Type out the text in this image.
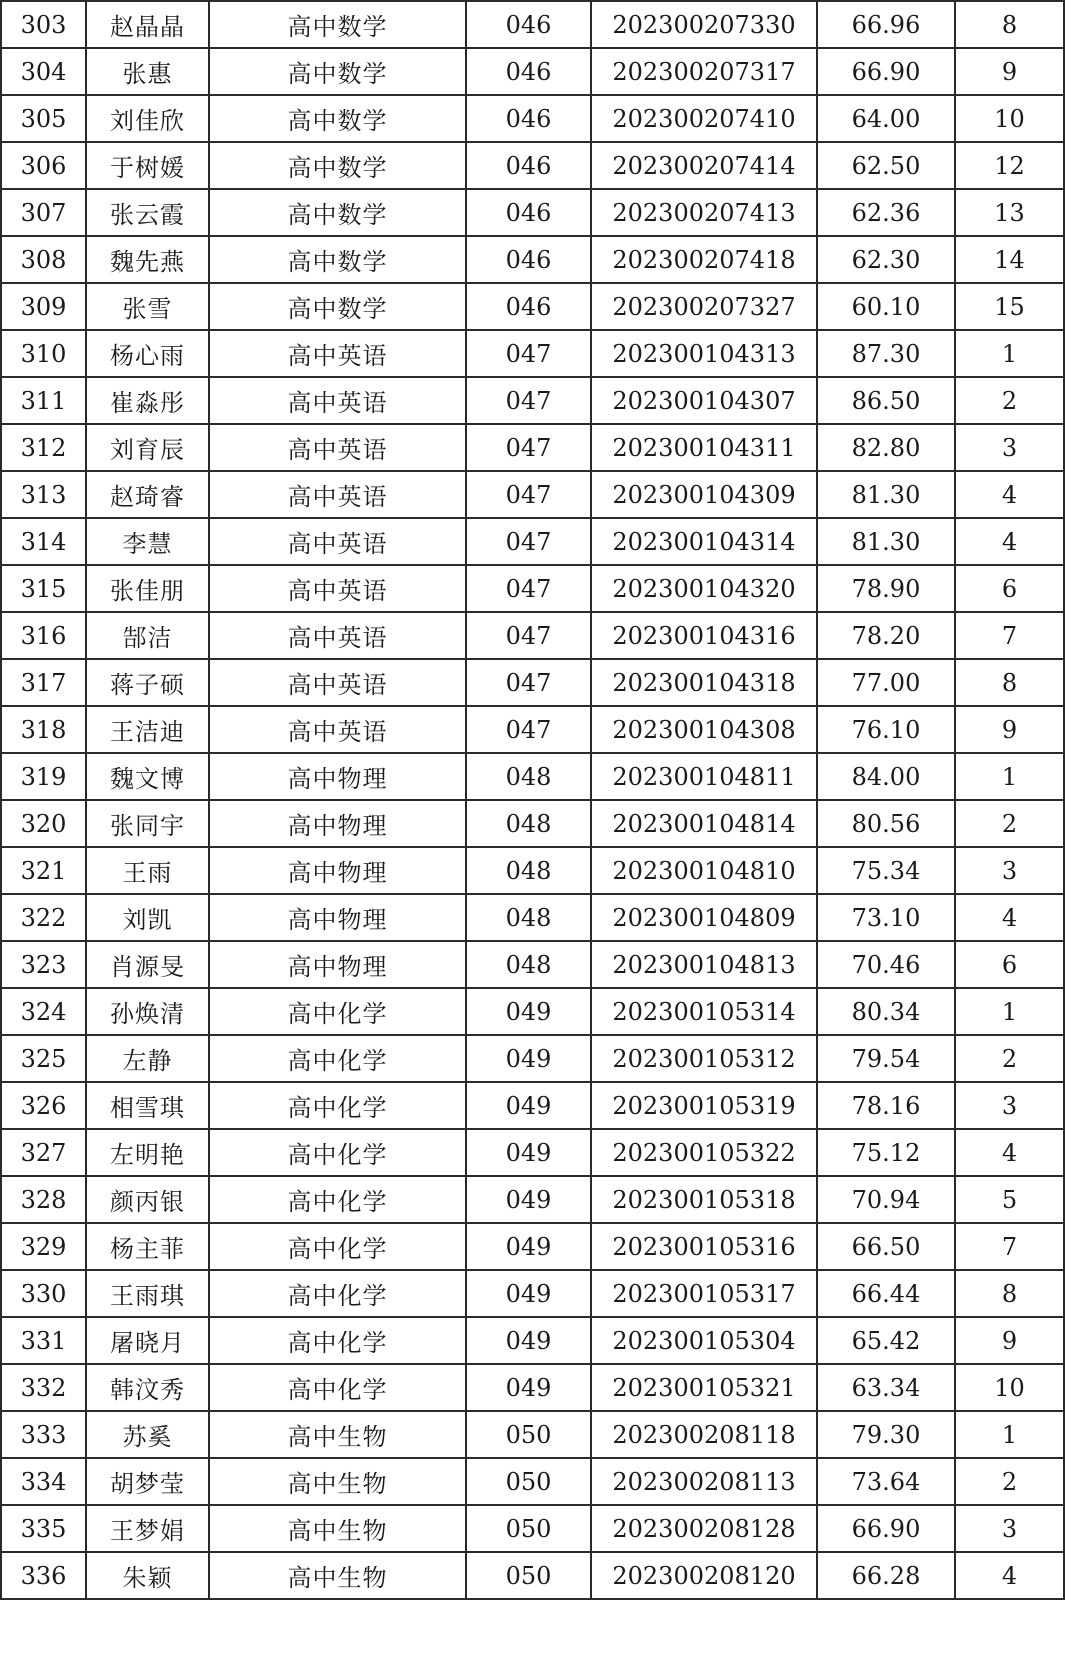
303	赵晶晶	高中数学	046	202300207330	66.96	8
304	张惠	高中数学	046	202300207317	66.90	9
305	刘佳欣	高中数学	046	202300207410	64.00	10
306	于树媛	高中数学	046	202300207414	62.50	12
307	张云霞	高中数学	046	202300207413	62.36	13
308	魏先燕	高中数学	046	202300207418	62.30	14
309	张雪	高中数学	046	202300207327	60.10	15
310	杨心雨	高中英语	047	202300104313	87.30	1
311	崔淼彤	高中英语	047	202300104307	86.50	2
312	刘育辰	高中英语	047	202300104311	82.80	3
313	赵琦睿	高中英语	047	202300104309	81.30	4
314	李慧	高中英语	047	202300104314	81.30	4
315	张佳朋	高中英语	047	202300104320	78.90	6
316	郜洁	高中英语	047	202300104316	78.20	7
317	蒋子硕	高中英语	047	202300104318	77.00	8
318	王洁迪	高中英语	047	202300104308	76.10	9
319	魏文博	高中物理	048	202300104811	84.00	1
320	张同宇	高中物理	048	202300104814	80.56	2
321	王雨	高中物理	048	202300104810	75.34	3
322	刘凯	高中物理	048	202300104809	73.10	4
323	肖源旻	高中物理	048	202300104813	70.46	6
324	孙焕清	高中化学	049	202300105314	80.34	1
325	左静	高中化学	049	202300105312	79.54	2
326	相雪琪	高中化学	049	202300105319	78.16	3
327	左明艳	高中化学	049	202300105322	75.12	4
328	颜丙银	高中化学	049	202300105318	70.94	5
329	杨主菲	高中化学	049	202300105316	66.50	7
330	王雨琪	高中化学	049	202300105317	66.44	8
331	屠晓月	高中化学	049	202300105304	65.42	9
332	韩汶秀	高中化学	049	202300105321	63.34	10
333	苏奚	高中生物	050	202300208118	79.30	1
334	胡梦莹	高中生物	050	202300208113	73.64	2
335	王梦娟	高中生物	050	202300208128	66.90	3
336	朱颖	高中生物	050	202300208120	66.28	4
